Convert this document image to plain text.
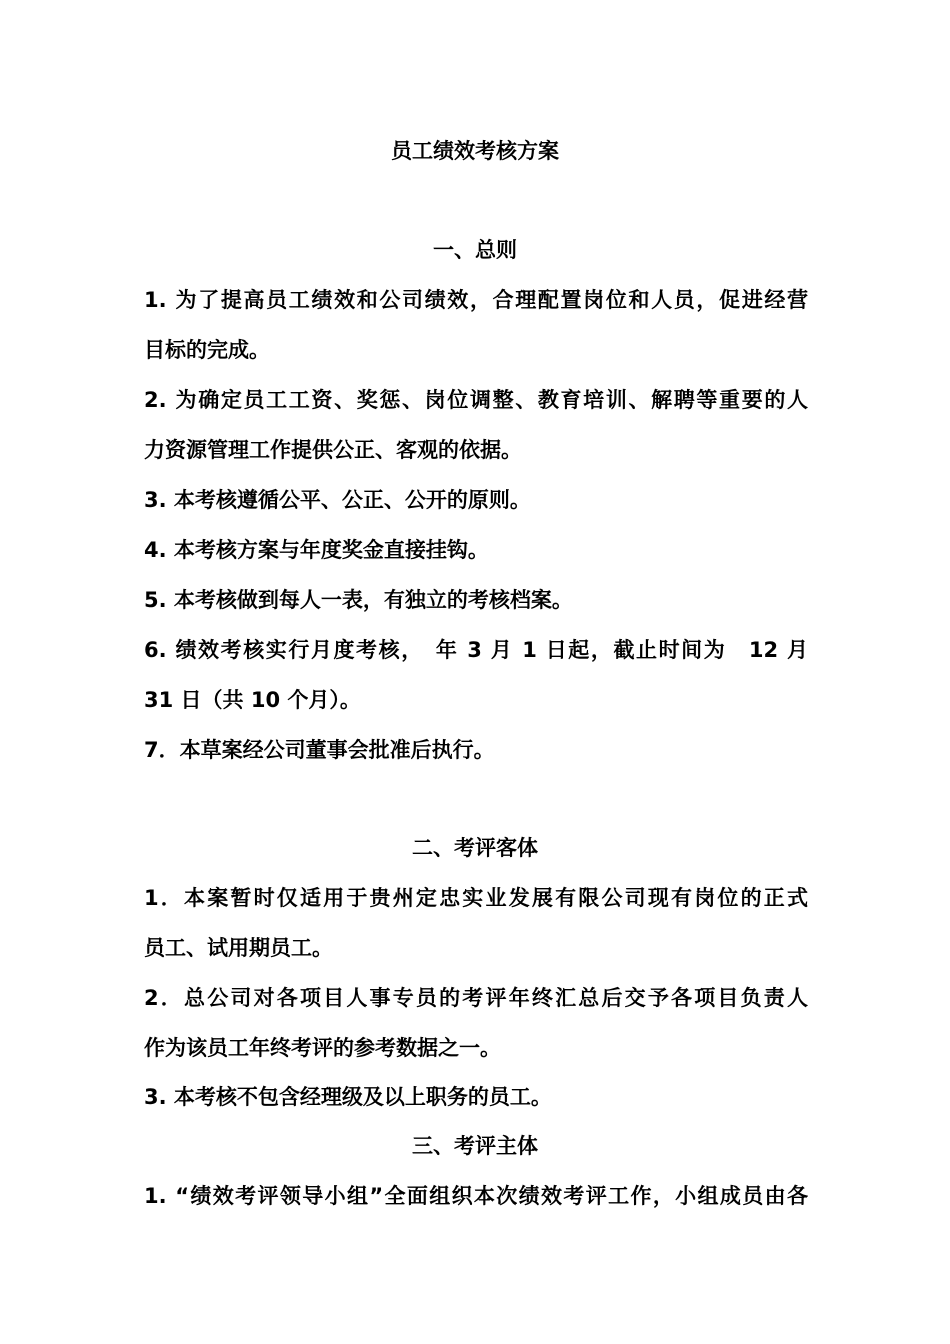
员工绩效考核方案
一、总则
1. 为了提高员工绩效和公司绩效，合理配置岗位和人员，促进经营
目标的完成。
2. 为确定员工工资、奖惩、岗位调整、教育培训、解聘等重要的人
力资源管理工作提供公正、客观的依据。
3. 本考核遵循公平、公正、公开的原则。
4. 本考核方案与年度奖金直接挂钩。
5. 本考核做到每人一表，有独立的考核档案。
6. 绩效考核实行月度考核，　年 3 月 1 日起，截止时间为　12 月
31 日（共 10 个月）。
7．本草案经公司董事会批准后执行。
二、考评客体
1．本案暂时仅适用于贵州定忠实业发展有限公司现有岗位的正式
员工、试用期员工。
2．总公司对各项目人事专员的考评年终汇总后交予各项目负责人
作为该员工年终考评的参考数据之一。
3. 本考核不包含经理级及以上职务的员工。
三、考评主体
1. “绩效考评领导小组”全面组织本次绩效考评工作，小组成员由各
